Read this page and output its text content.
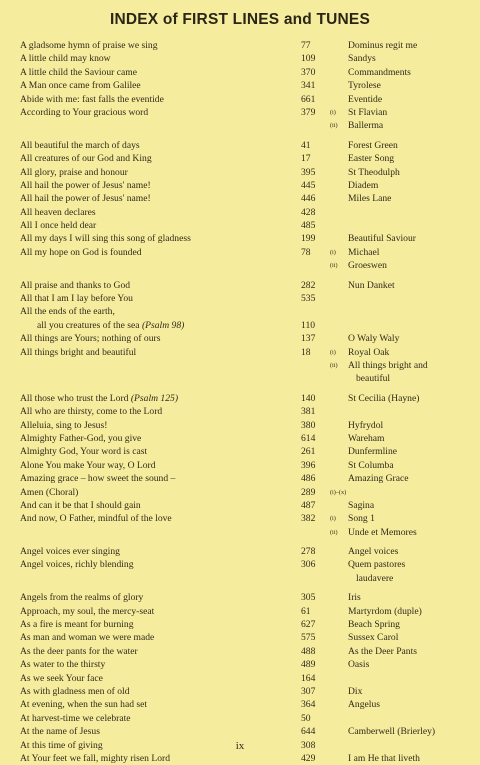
INDEX of FIRST LINES and TUNES
A gladsome hymn of praise we sing	77	Dominus regit me
A little child may know	109	Sandys
A little child the Saviour came	370	Commandments
A Man once came from Galilee	341	Tyrolese
Abide with me: fast falls the eventide	661	Eventide
According to Your gracious word	379 (i) St Flavian
(ii) Ballerma
All beautiful the march of days	41	Forest Green
All creatures of our God and King	17	Easter Song
All glory, praise and honour	395	St Theodulph
All hail the power of Jesus' name!	445	Diadem
All hail the power of Jesus' name!	446	Miles Lane
All heaven declares	428
All I once held dear	485
All my days I will sing this song of gladness	199	Beautiful Saviour
All my hope on God is founded	78	(i) Michael
(ii) Groeswen
All praise and thanks to God	282	Nun Danket
All that I am I lay before You	535
All the ends of the earth,
all you creatures of the sea (Psalm 98)	110
All things are Yours; nothing of ours	137	O Waly Waly
All things bright and beautiful	18	(i) Royal Oak
(ii) All things bright and
beautiful
All those who trust the Lord (Psalm 125)	140	St Cecilia (Hayne)
All who are thirsty, come to the Lord	381
Alleluia, sing to Jesus!	380	Hyfrydol
Almighty Father-God, you give	614	Wareham
Almighty God, Your word is cast	261	Dunfermline
Alone You make Your way, O Lord	396	St Columba
Amazing grace – how sweet the sound –	486	Amazing Grace
Amen (Choral)	289 (i)–(x)
And can it be that I should gain	487	Sagina
And now, O Father, mindful of the love	382 (i) Song 1
(ii) Unde et Memores
Angel voices ever singing	278	Angel voices
Angel voices, richly blending	306	Quem pastores
laudavere
Angels from the realms of glory	305	Iris
Approach, my soul, the mercy-seat	61	Martyrdom (duple)
As a fire is meant for burning	627	Beach Spring
As man and woman we were made	575	Sussex Carol
As the deer pants for the water	488	As the Deer Pants
As water to the thirsty	489	Oasis
As we seek Your face	164
As with gladness men of old	307	Dix
At evening, when the sun had set	364	Angelus
At harvest-time we celebrate	50
At the name of Jesus	644	Camberwell (Brierley)
At this time of giving	308
At Your feet we fall, mighty risen Lord	429	I am He that liveth
ix
